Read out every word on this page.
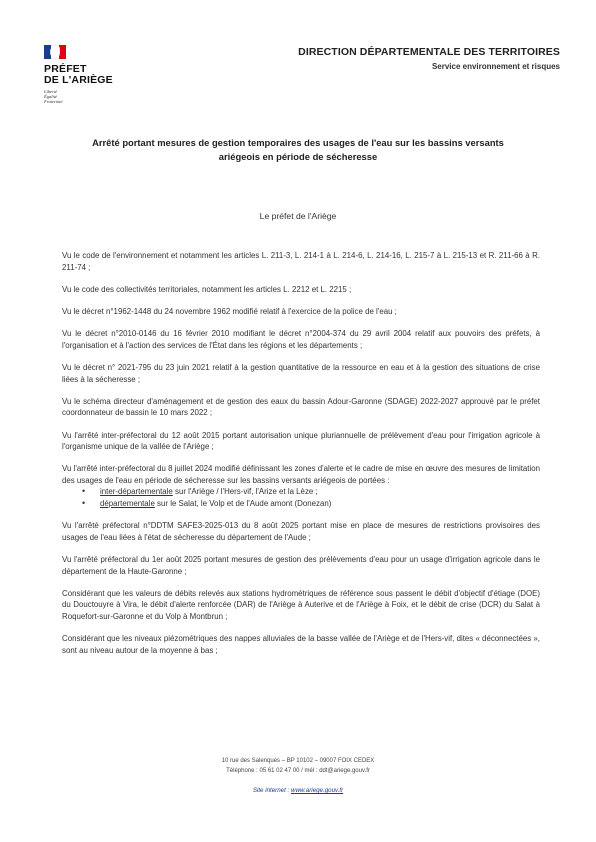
PRÉFET
DE L'ARIÈGE
Liberté
Égalité
Fraternité
DIRECTION DÉPARTEMENTALE DES TERRITOIRES
Service environnement et risques
Arrêté portant mesures de gestion temporaires des usages de l'eau sur les bassins versants
ariégeois en période de sécheresse
Le préfet de l'Ariège

Vu le code de l'environnement et notamment les articles L. 211-3, L. 214-1 à L. 214-6, L. 214-16, L. 215-7 à L. 215-13 et R. 211-66 à R. 211-74 ;

Vu le code des collectivités territoriales, notamment les articles L. 2212 et L. 2215 ;

Vu le décret n°1962-1448 du 24 novembre 1962 modifié relatif à l'exercice de la police de l'eau ;

Vu le décret n°2010-0146 du 16 février 2010 modifiant le décret n°2004-374 du 29 avril 2004 relatif aux pouvoirs des préfets, à l'organisation et à l'action des services de l'État dans les régions et les départements ;

Vu le décret n° 2021-795 du 23 juin 2021 relatif à la gestion quantitative de la ressource en eau et à la gestion des situations de crise liées à la sécheresse ;

Vu le schéma directeur d'aménagement et de gestion des eaux du bassin Adour-Garonne (SDAGE) 2022-2027 approuvé par le préfet coordonnateur de bassin le 10 mars 2022 ;

Vu l'arrêté inter-préfectoral du 12 août 2015 portant autorisation unique pluriannuelle de prélèvement d'eau pour l'irrigation agricole à l'organisme unique de la vallée de l'Ariège ;

Vu l'arrêté inter-préfectoral du 8 juillet 2024 modifié définissant les zones d'alerte et le cadre de mise en œuvre des mesures de limitation des usages de l'eau en période de sécheresse sur les bassins versants ariégeois de portées :

• inter-départementale sur l'Ariège / l'Hers-vif, l'Arize et la Lèze ;
• départementale sur le Salat, le Volp et de l'Aude amont (Donezan)

Vu l'arrêté préfectoral n°DDTM SAFE3-2025-013 du 8 août 2025 portant mise en place de mesures de restrictions provisoires des usages de l'eau liées à l'état de sécheresse du département de l'Aude ;

Vu l'arrêté préfectoral du 1er août 2025 portant mesures de gestion des prélèvements d'eau pour un usage d'irrigation agricole dans le département de la Haute-Garonne ;

Considérant que les valeurs de débits relevés aux stations hydrométriques de référence sous passent le débit d'objectif d'étiage (DOE) du Douctouyre à Vira, le débit d'alerte renforcée (DAR) de l'Ariège à Auterive et de l'Ariège à Foix, et le débit de crise (DCR) du Salat à Roquefort-sur-Garonne et du Volp à Montbrun ;

Considérant que les niveaux piézométriques des nappes alluviales de la basse vallée de l'Ariège et de l'Hers-vif, dites « déconnectées », sont au niveau autour de la moyenne à bas ;

10 rue des Salenques – BP 10102 – 09007 FOIX CEDEX
Téléphone : 05 61 02 47 00 / mél : ddt@ariege.gouv.fr
Site internet : www.ariege.gouv.fr
